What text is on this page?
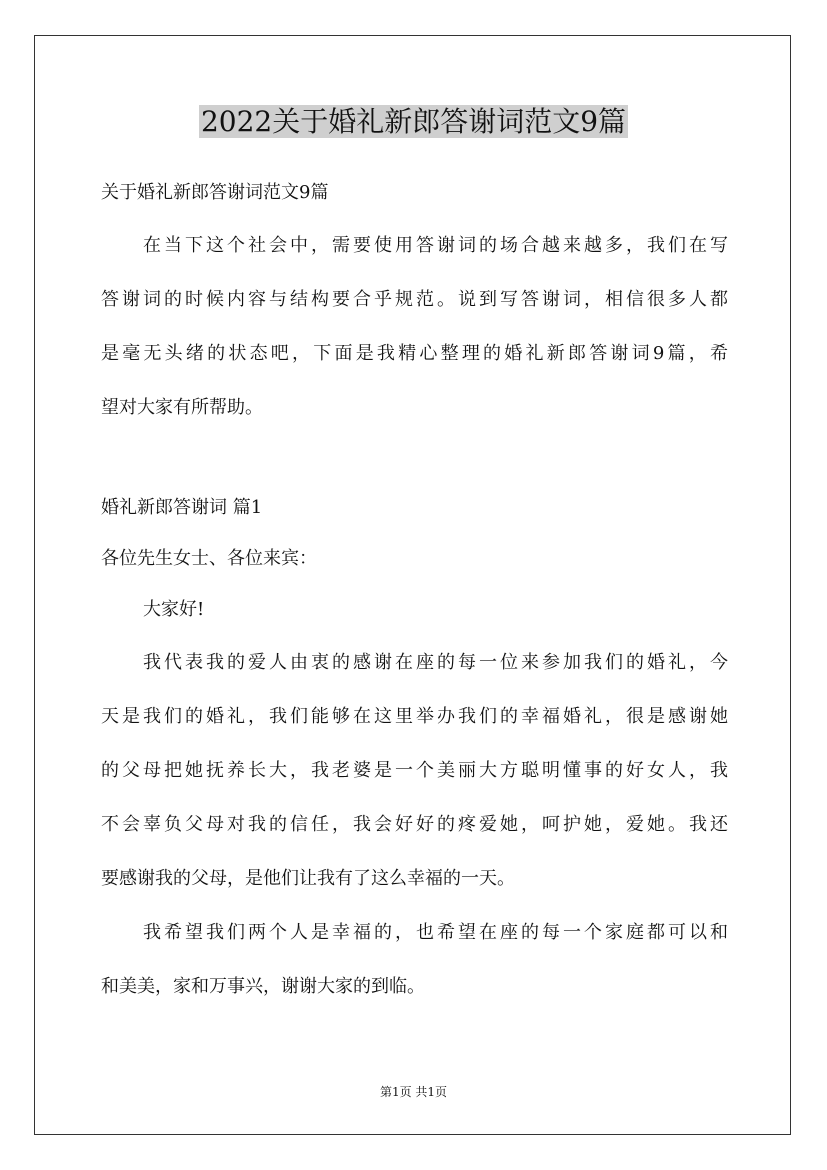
2022关于婚礼新郎答谢词范文9篇
关于婚礼新郎答谢词范文9篇
在当下这个社会中，需要使用答谢词的场合越来越多，我们在写
答谢词的时候内容与结构要合乎规范。说到写答谢词，相信很多人都
是毫无头绪的状态吧，下面是我精心整理的婚礼新郎答谢词9篇，希
望对大家有所帮助。
婚礼新郎答谢词 篇1
各位先生女士、各位来宾：
大家好!
我代表我的爱人由衷的感谢在座的每一位来参加我们的婚礼，今
天是我们的婚礼，我们能够在这里举办我们的幸福婚礼，很是感谢她
的父母把她抚养长大，我老婆是一个美丽大方聪明懂事的好女人，我
不会辜负父母对我的信任，我会好好的疼爱她，呵护她，爱她。我还
要感谢我的父母，是他们让我有了这么幸福的一天。
我希望我们两个人是幸福的，也希望在座的每一个家庭都可以和
和美美，家和万事兴，谢谢大家的到临。
第1页 共1页
